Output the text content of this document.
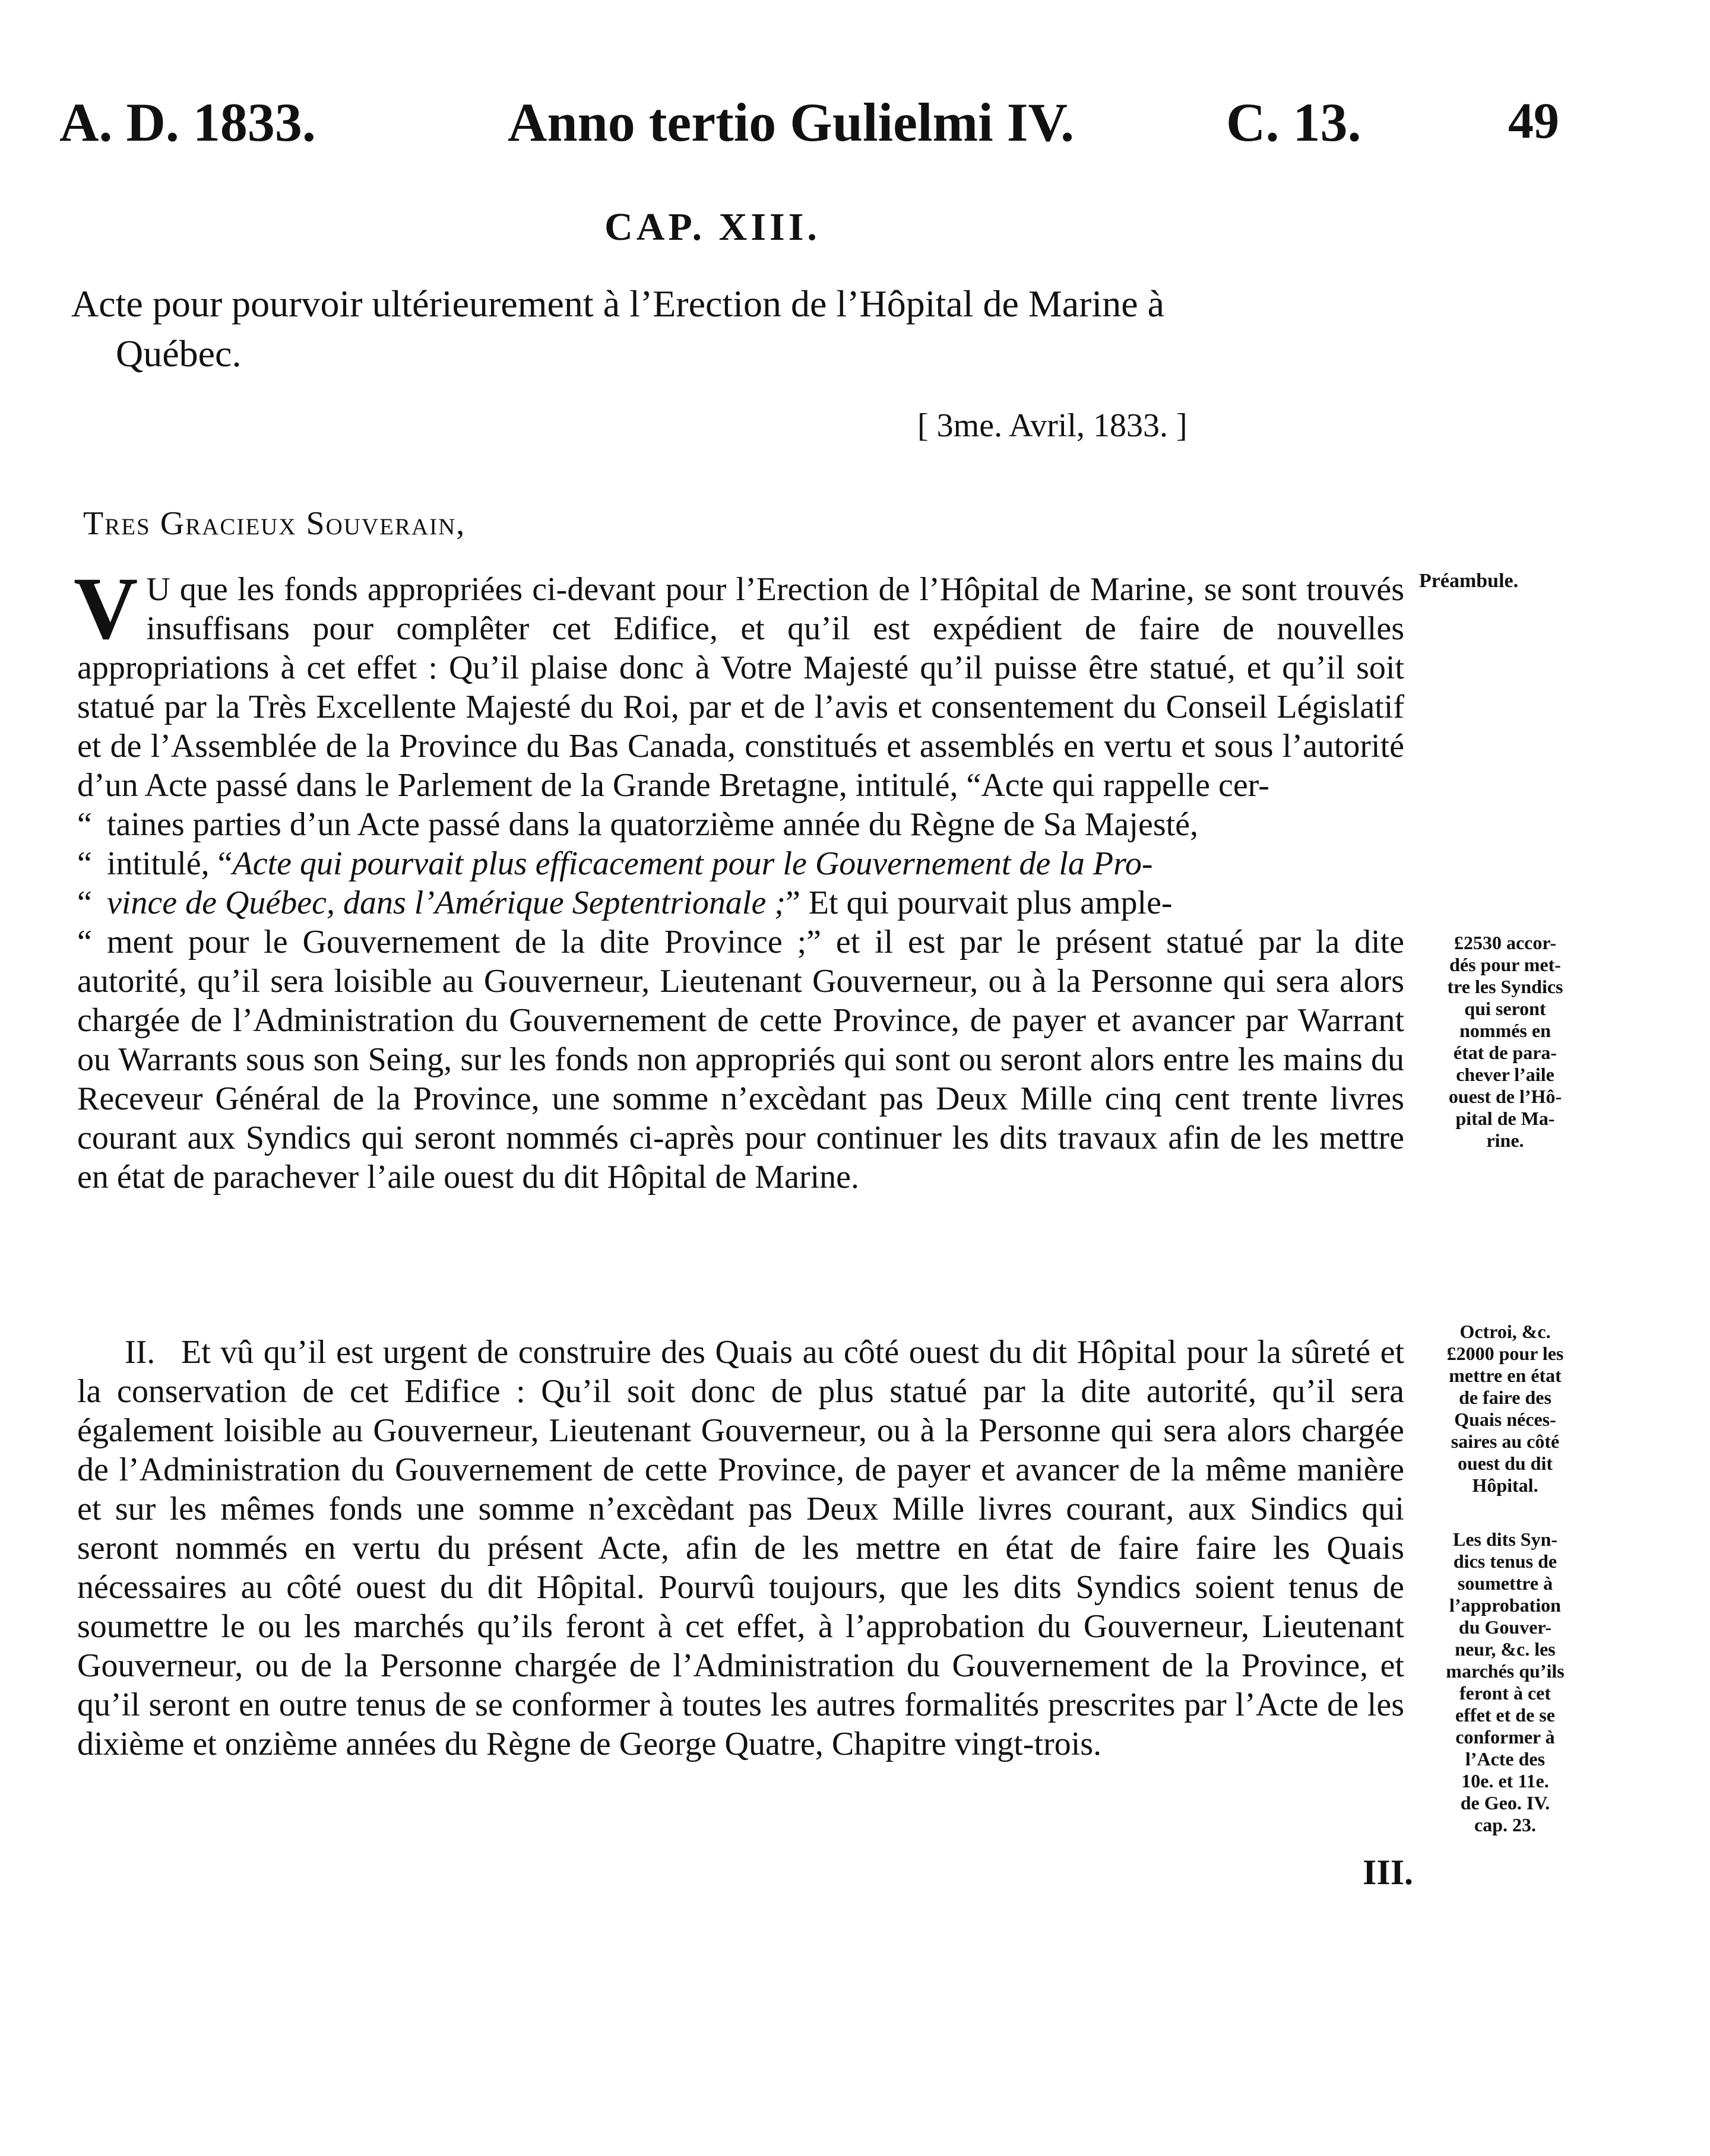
A. D. 1833.	Anno tertio Gulielmi IV.	C. 13.	49
CAP. XIII.
Acte pour pourvoir ultérieurement à l’Erection de l’Hôpital de Marine à
Québec.
[ 3me. Avril, 1833. ]
Tres Gracieux Souverain,

V U que les fonds appropriées ci-devant pour l’Erection de l’Hôpital de Marine, se sont trouvés insuffisans pour complêter cet Edifice, et qu’il est expédient de faire de nouvelles appropriations à cet effet : Qu’il plaise donc à Votre Majesté qu’il puisse être statué, et qu’il soit statué par la Très Excellente Majesté du Roi, par et de l’avis et consentement du Conseil Législatif et de l’Assemblée de la Province du Bas Canada, constitués et assemblés en vertu et sous l’autorité d’un Acte passé dans le Parlement de la Grande Bretagne, intitulé, “Acte qui rappelle cer-
“ taines parties d’un Acte passé dans la quatorzième année du Règne de Sa Majesté,
“ intitulé, “Acte qui pourvait plus efficacement pour le Gouvernement de la Pro-
“ vince de Québec, dans l’Amérique Septentrionale ;” Et qui pourvait plus ample-
“ ment pour le Gouvernement de la dite Province ;” et il est par le présent statué par la dite autorité, qu’il sera loisible au Gouverneur, Lieutenant Gouverneur, ou à la Personne qui sera alors chargée de l’Administration du Gouvernement de cette Province, de payer et avancer par Warrant ou Warrants sous son Seing, sur les fonds non appropriés qui sont ou seront alors entre les mains du Receveur Général de la Province, une somme n’excèdant pas Deux Mille cinq cent trente livres courant aux Syndics qui seront nommés ci-après pour continuer les dits travaux afin de les mettre en état de parachever l’aile ouest du dit Hôpital de Marine.

II. Et vû qu’il est urgent de construire des Quais au côté ouest du dit Hôpital pour la sûreté et la conservation de cet Edifice : Qu’il soit donc de plus statué par la dite autorité, qu’il sera également loisible au Gouverneur, Lieutenant Gouverneur, ou à la Personne qui sera alors chargée de l’Administration du Gouvernement de cette Province, de payer et avancer de la même manière et sur les mêmes fonds une somme n’excèdant pas Deux Mille livres courant, aux Sindics qui seront nommés en vertu du présent Acte, afin de les mettre en état de faire faire les Quais nécessaires au côté ouest du dit Hôpital. Pourvû toujours, que les dits Syndics soient tenus de soumettre le ou les marchés qu’ils feront à cet effet, à l’approbation du Gouverneur, Lieutenant Gouverneur, ou de la Personne chargée de l’Administration du Gouvernement de la Province, et qu’il seront en outre tenus de se conformer à toutes les autres formalités prescrites par l’Acte de les dixième et onzième années du Règne de George Quatre, Chapitre vingt-trois.

III.
Préambule.
£2530 accor-
dés pour met-
tre les Syndics
qui seront
nommés en
état de para-
chever l’aile
ouest de l’Hô-
pital de Ma-
rine.
Octroi, &c.
£2000 pour les
mettre en état
de faire des
Quais néces-
saires au côté
ouest du dit
Hôpital.
Les dits Syn-
dics tenus de
soumettre à
l’approbation
du Gouver-
neur, &c. les
marchés qu’ils
feront à cet
effet et de se
conformer à
l’Acte des
10e. et 11e.
de Geo. IV.
cap. 23.
